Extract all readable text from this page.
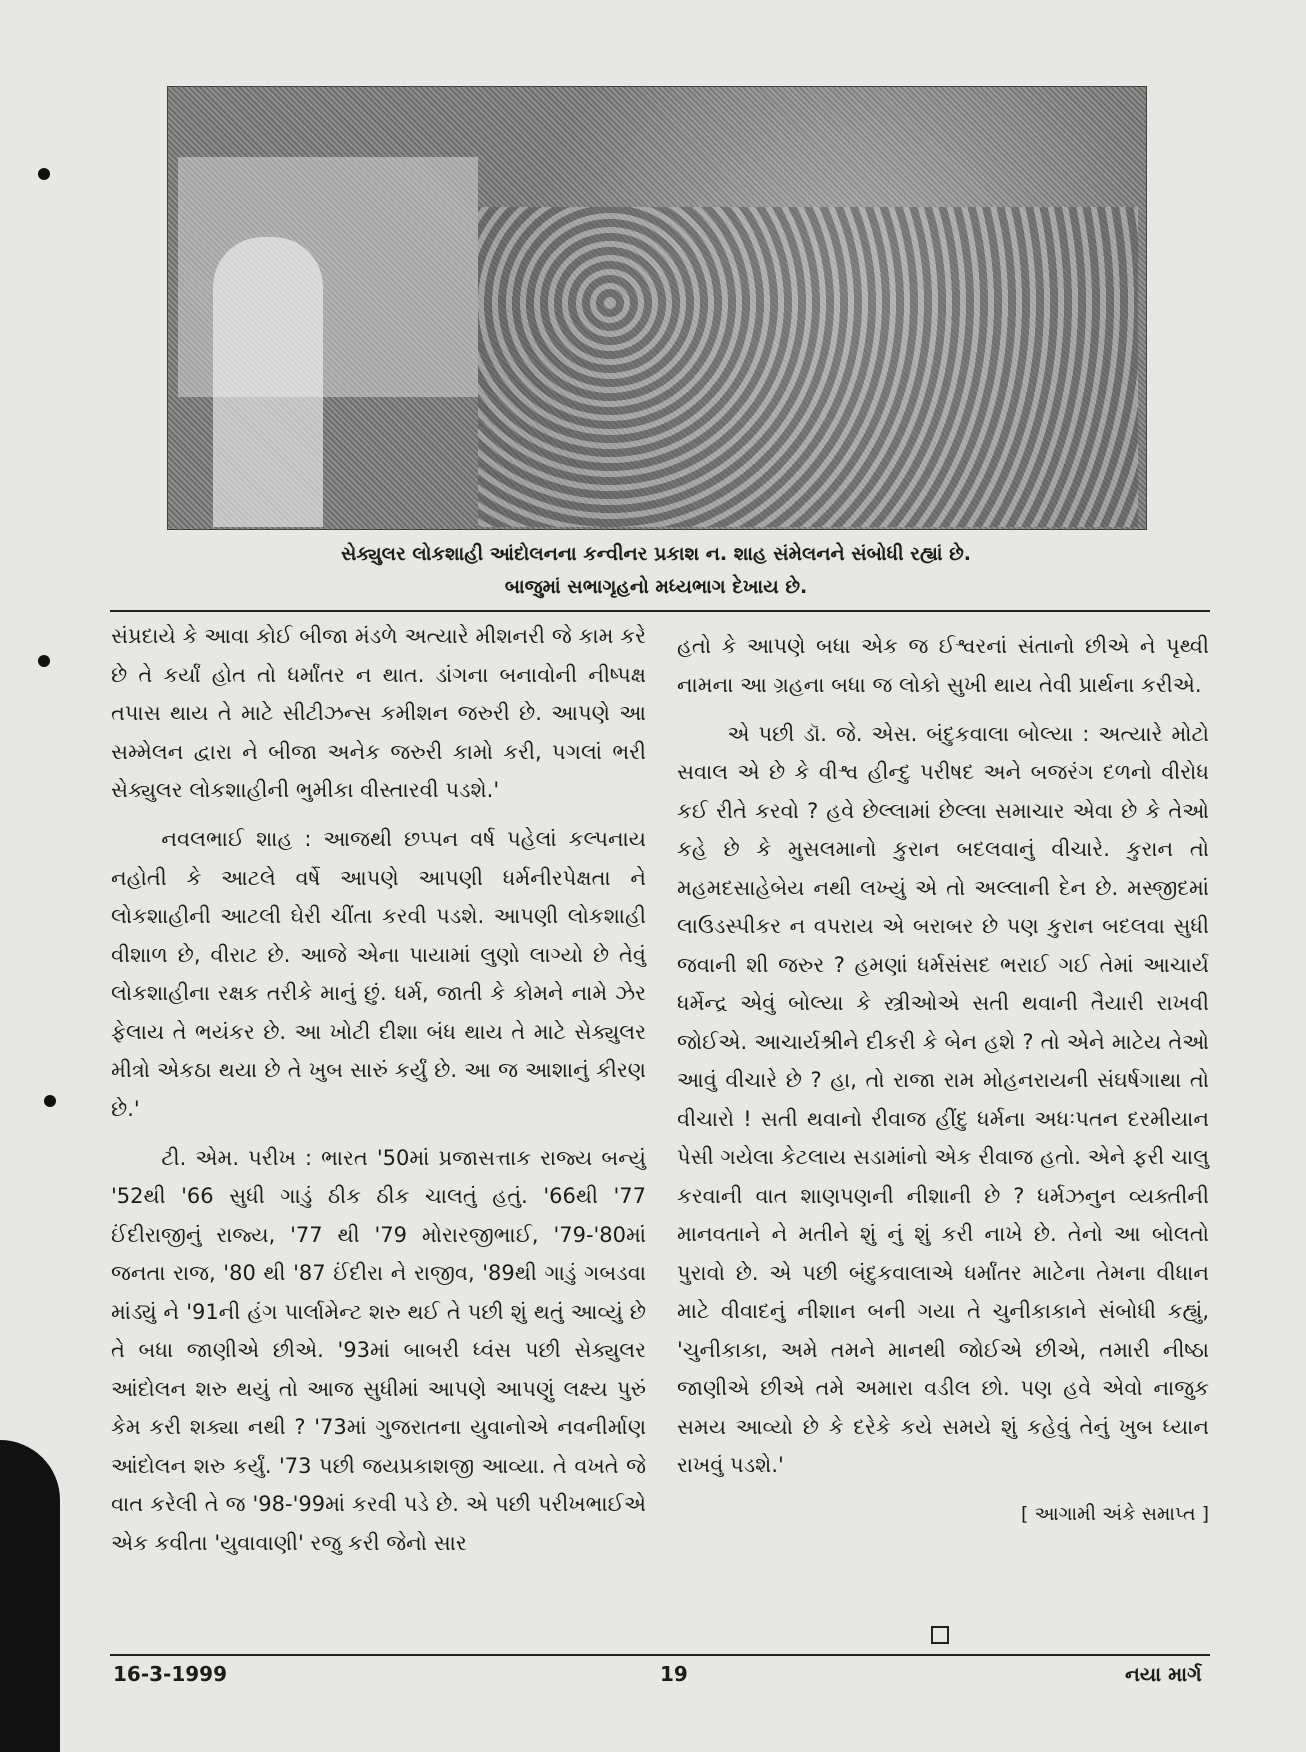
સેક્યુલર લોકશાહી આંદોલનના કન્વીનર પ્રકાશ ન. શાહ સંમેલનને સંબોધી રહ્યાં છે.

બાજુમાં સભાગૃહનો મધ્યભાગ દેખાય છે.

સંપ્રદાયે કે આવા કોઈ બીજા મંડળે અત્યારે મીશનરી જે કામ કરે છે તે કર્યાં હોત તો ધર્માંતર ન થાત. ડાંગના બનાવોની નીષ્પક્ષ તપાસ થાય તે માટે સીટીઝન્સ કમીશન જરુરી છે. આપણે આ સમ્મેલન દ્વારા ને બીજા અનેક જરુરી કામો કરી, પગલાં ભરી સેક્યુલર લોકશાહીની ભુમીકા વીસ્તારવી પડશે.'

નવલભાઈ શાહ : આજથી છપ્પન વર્ષ પહેલાં કલ્પનાય નહોતી કે આટલે વર્ષે આપણે આપણી ધર્મનીરપેક્ષતા ને લોકશાહીની આટલી ઘેરી ચીંતા કરવી પડશે. આપણી લોકશાહી વીશાળ છે, વીરાટ છે. આજે એના પાયામાં લુણો લાગ્યો છે તેવું લોકશાહીના રક્ષક તરીકે માનું છું. ધર્મ, જાતી કે કોમને નામે ઝેર ફેલાય તે ભયંકર છે. આ ખોટી દીશા બંધ થાય તે માટે સેક્યુલર મીત્રો એકઠા થયા છે તે ખુબ સારું કર્યું છે. આ જ આશાનું કીરણ છે.'

ટી. એમ. પરીખ : ભારત '50માં પ્રજાસત્તાક રાજ્ય બન્યું '52થી '66 સુધી ગાડું ઠીક ઠીક ચાલતું હતું. '66થી '77 ઈંદીરાજીનું રાજ્ય, '77 થી '79 મોરારજીભાઈ, '79-'80માં જનતા રાજ, '80 થી '87 ઈંદીરા ને રાજીવ, '89થી ગાડું ગબડવા માંડ્યું ને '91ની હંગ પાર્લામેન્ટ શરુ થઈ તે પછી શું થતું આવ્યું છે તે બધા જાણીએ છીએ. '93માં બાબરી ધ્વંસ પછી સેક્યુલર આંદોલન શરુ થયું તો આજ સુધીમાં આપણે આપણું લક્ષ્ય પુરું કેમ કરી શક્યા નથી ? '73માં ગુજરાતના યુવાનોએ નવનીર્માણ આંદોલન શરુ કર્યું. '73 પછી જયપ્રકાશજી આવ્યા. તે વખતે જે વાત કરેલી તે જ '98-'99માં કરવી પડે છે. એ પછી પરીખભાઈએ એક કવીતા 'યુવાવાણી' રજુ કરી જેનો સાર

હતો કે આપણે બધા એક જ ઈશ્વરનાં સંતાનો છીએ ને પૃથ્વી નામના આ ગ્રહના બધા જ લોકો સુખી થાય તેવી પ્રાર્થના કરીએ.

એ પછી ડૉ. જે. એસ. બંદુકવાલા બોલ્યા : અત્યારે મોટો સવાલ એ છે કે વીશ્વ હીન્દુ પરીષદ અને બજરંગ દળનો વીરોધ કઈ રીતે કરવો ? હવે છેલ્લામાં છેલ્લા સમાચાર એવા છે કે તેઓ કહે છે કે મુસલમાનો કુરાન બદલવાનું વીચારે. કુરાન તો મહમદસાહેબેય નથી લખ્યું એ તો અલ્લાની દેન છે. મસ્જીદમાં લાઉડસ્પીકર ન વપરાય એ બરાબર છે પણ કુરાન બદલવા સુધી જવાની શી જરુર ? હમણાં ધર્મસંસદ ભરાઈ ગઈ તેમાં આચાર્ય ધર્મેન્દ્ર એવું બોલ્યા કે સ્ત્રીઓએ સતી થવાની તૈયારી રાખવી જોઈએ. આચાર્યશ્રીને દીકરી કે બેન હશે ? તો એને માટેય તેઓ આવું વીચારે છે ? હા, તો રાજા રામ મોહનરાયની સંઘર્ષગાથા તો વીચારો ! સતી થવાનો રીવાજ હીંદુ ધર્મના અધઃપતન દરમીયાન પેસી ગયેલા કેટલાય સડામાંનો એક રીવાજ હતો. એને ફરી ચાલુ કરવાની વાત શાણપણની નીશાની છે ? ધર્મઝનુન વ્યક્તીની માનવતાને ને મતીને શું નું શું કરી નાખે છે. તેનો આ બોલતો પુરાવો છે. એ પછી બંદુકવાલાએ ધર્માંતર માટેના તેમના વીધાન માટે વીવાદનું નીશાન બની ગયા તે ચુનીકાકાને સંબોધી કહ્યું, 'ચુનીકાકા, અમે તમને માનથી જોઈએ છીએ, તમારી નીષ્ઠા જાણીએ છીએ તમે અમારા વડીલ છો. પણ હવે એવો નાજુક સમય આવ્યો છે કે દરેકે કયે સમયે શું કહેવું તેનું ખુબ ધ્યાન રાખવું પડશે.'

[ આગામી અંકે સમાપ્ત ]

16-3-1999	19	નયા માર્ગ
